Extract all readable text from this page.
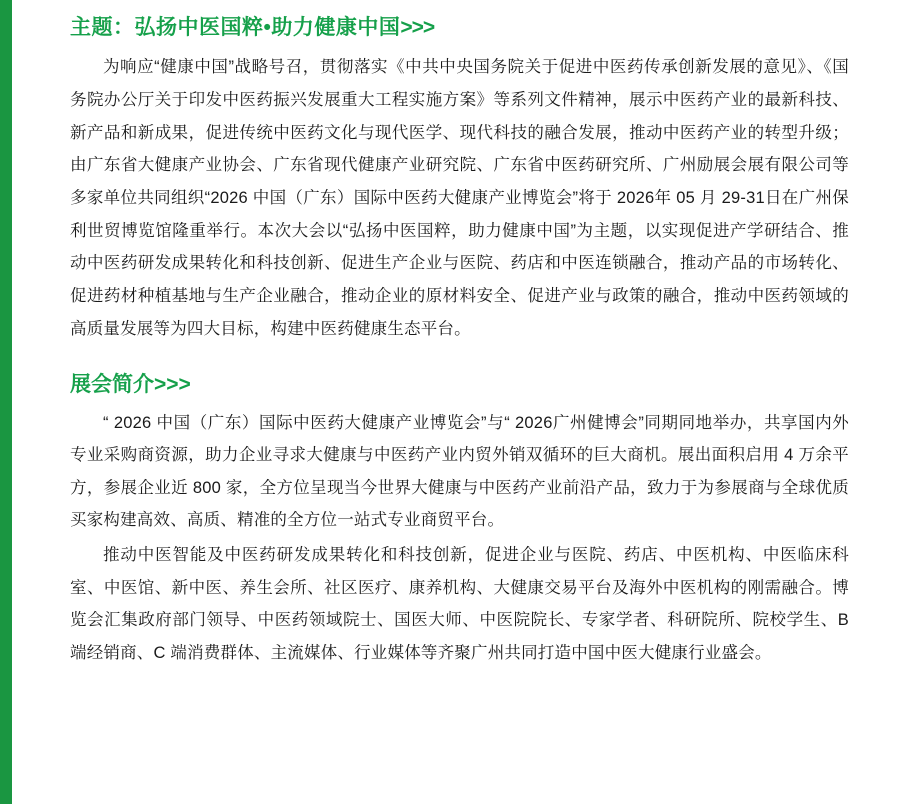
主题：弘扬中医国粹•助力健康中国>>>

为响应“健康中国”战略号召，贯彻落实《中共中央国务院关于促进中医药传承创新发展的意见》、《国务院办公厅关于印发中医药振兴发展重大工程实施方案》等系列文件精神，展示中医药产业的最新科技、新产品和新成果，促进传统中医药文化与现代医学、现代科技的融合发展，推动中医药产业的转型升级；由广东省大健康产业协会、广东省现代健康产业研究院、广东省中医药研究所、广州励展会展有限公司等多家单位共同组织“2026 中国（广东）国际中医药大健康产业博览会”将于 2026年 05 月 29-31日在广州保利世贸博览馆隆重举行。本次大会以“弘扬中医国粹，助力健康中国”为主题，以实现促进产学研结合、推动中医药研发成果转化和科技创新、促进生产企业与医院、药店和中医连锁融合，推动产品的市场转化、促进药材种植基地与生产企业融合，推动企业的原材料安全、促进产业与政策的融合，推动中医药领域的高质量发展等为四大目标，构建中医药健康生态平台。

展会简介>>>

“ 2026 中国（广东）国际中医药大健康产业博览会”与“ 2026广州健博会”同期同地举办，共享国内外专业采购商资源，助力企业寻求大健康与中医药产业内贸外销双循环的巨大商机。展出面积启用 4 万余平方，参展企业近 800 家，全方位呈现当今世界大健康与中医药产业前沿产品，致力于为参展商与全球优质买家构建高效、高质、精准的全方位一站式专业商贸平台。

推动中医智能及中医药研发成果转化和科技创新，促进企业与医院、药店、中医机构、中医临床科室、中医馆、新中医、养生会所、社区医疗、康养机构、大健康交易平台及海外中医机构的刚需融合。博览会汇集政府部门领导、中医药领域院士、国医大师、中医院院长、专家学者、科研院所、院校学生、B 端经销商、C 端消费群体、主流媒体、行业媒体等齐聚广州共同打造中国中医大健康行业盛会。
